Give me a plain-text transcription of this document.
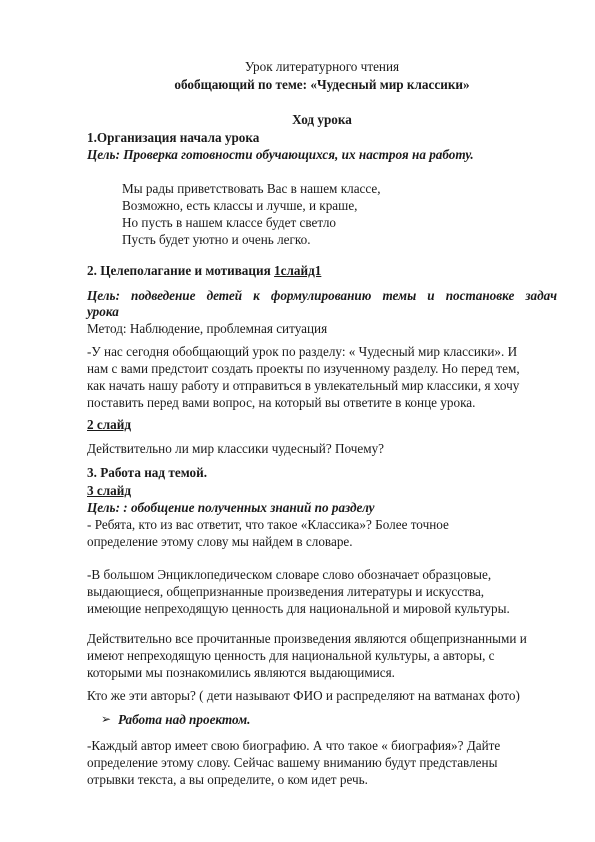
Урок литературного чтения
обобщающий по теме: «Чудесный мир классики»
Ход урока
1.Организация начала урока
Цель: Проверка готовности обучающихся, их настроя на работу.
Мы рады приветствовать Вас в нашем классе,
Возможно, есть классы и лучше, и краше,
Но пусть в нашем классе будет светло
Пусть будет уютно и очень легко.
2. Целеполагание и мотивация 1слайд1
Цель: подведение детей к формулированию темы и постановке задач
урока
Метод: Наблюдение, проблемная ситуация
-У нас сегодня обобщающий урок по разделу: « Чудесный мир классики». И
нам с вами предстоит создать проекты по изученному разделу. Но перед тем,
как начать нашу работу и отправиться в увлекательный мир классики, я хочу
поставить перед вами вопрос, на который вы ответите в конце урока.
2 слайд
Действительно ли мир классики чудесный? Почему?
3. Работа над темой.
3 слайд
Цель: : обобщение полученных знаний по разделу
- Ребята, кто из вас ответит, что такое «Классика»? Более точное
определение этому слову мы найдем в словаре.
-В большом Энциклопедическом словаре слово обозначает образцовые,
выдающиеся, общепризнанные произведения литературы и искусства,
имеющие непреходящую ценность для национальной и мировой культуры.
Действительно все прочитанные произведения являются общепризнанными и
имеют непреходящую ценность для национальной культуры, а авторы, с
которыми мы познакомились являются выдающимися.
Кто же эти авторы? ( дети называют ФИО и распределяют на ватманах фото)
➢ Работа над проектом.
-Каждый автор имеет свою биографию. А что такое « биография»? Дайте
определение этому слову. Сейчас вашему вниманию будут представлены
отрывки текста, а вы определите, о ком идет речь.
